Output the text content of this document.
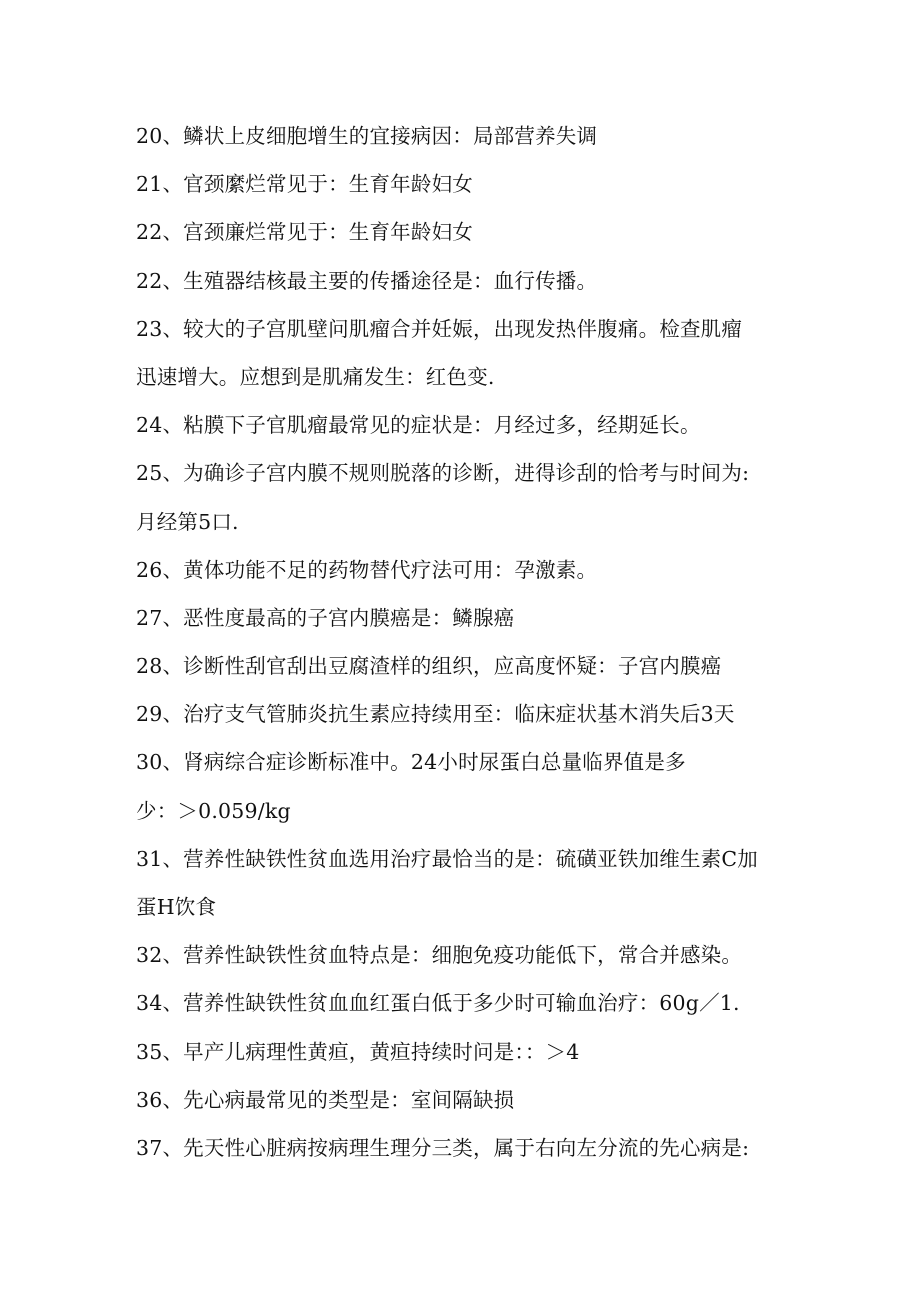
20、鳞状上皮细胞增生的宜接病因：局部营养失调
21、官颈縻烂常见于：生育年龄妇女
22、宫颈廉烂常见于：生育年龄妇女
22、生殖器结核最主要的传播途径是：血行传播。
23、较大的子宫肌壁问肌瘤合并妊娠，出现发热伴腹痛。检查肌瘤
迅速增大。应想到是肌痛发生：红色变.
24、粘膜下子官肌瘤最常见的症状是：月经过多，经期延长。
25、为确诊子宫内膜不规则脱落的诊断，进得诊刮的恰考与时间为:
月经第5口.
26、黄体功能不足的药物替代疗法可用：孕激素。
27、恶性度最高的子宫内膜癌是：鳞腺癌
28、诊断性刮官刮出豆腐渣样的组织，应高度怀疑：子宫内膜癌
29、治疗支气管肺炎抗生素应持续用至：临床症状基木消失后3天
30、肾病综合症诊断标准中。24小时尿蛋白总量临界值是多
少：＞0.059/kg
31、营养性缺铁性贫血选用治疗最恰当的是：硫磺亚铁加维生素C加
蛋H饮食
32、营养性缺铁性贫血特点是：细胞免疫功能低下，常合并感染。
34、营养性缺铁性贫血血红蛋白低于多少时可输血治疗：60g／1.
35、早产儿病理性黄疸，黄疸持续时问是：：＞4
36、先心病最常见的类型是：室间隔缺损
37、先天性心脏病按病理生理分三类，属于右向左分流的先心病是:
